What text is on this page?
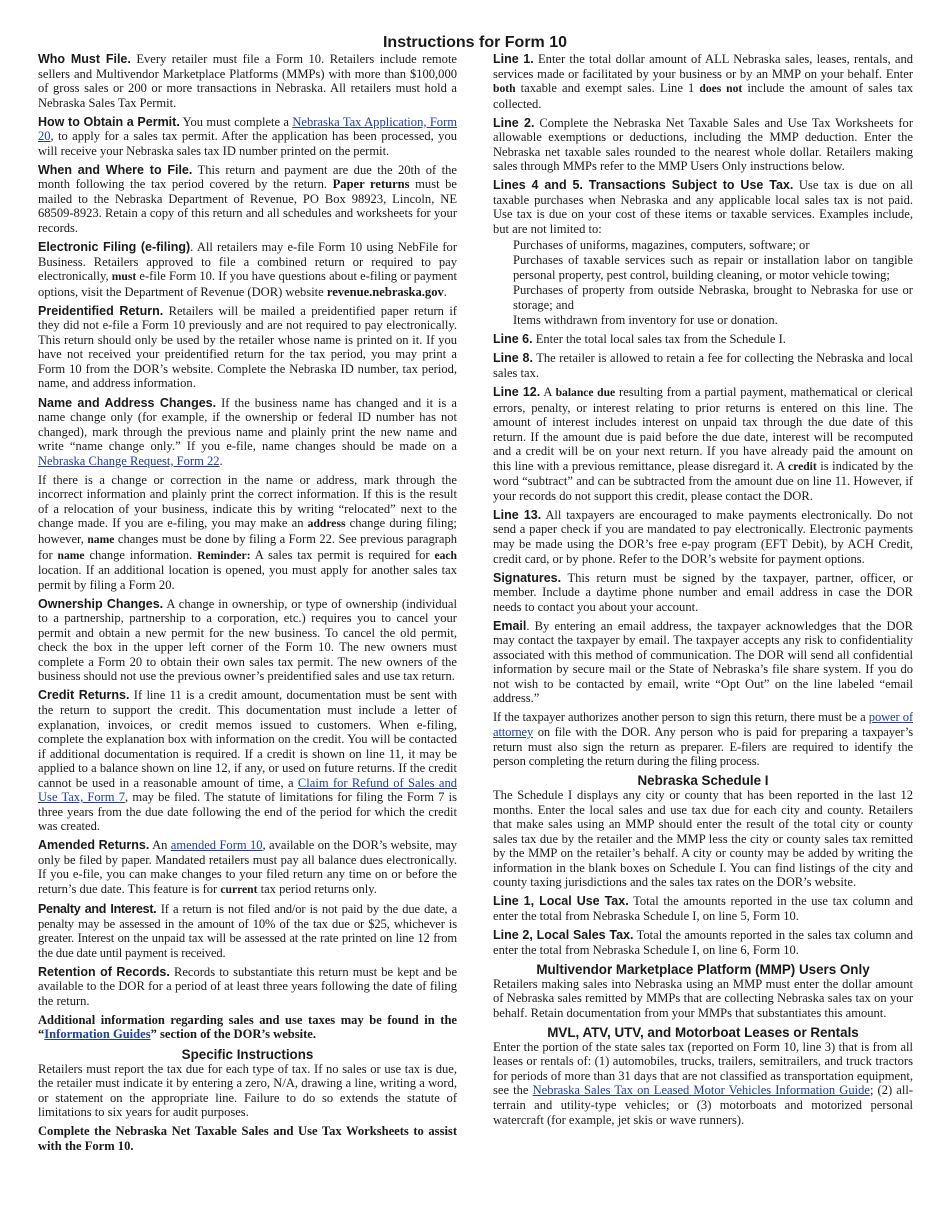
Instructions for Form 10

Who Must File. Every retailer must file a Form 10. Retailers include remote sellers and Multivendor Marketplace Platforms (MMPs) with more than $100,000 of gross sales or 200 or more transactions in Nebraska. All retailers must hold a Nebraska Sales Tax Permit.

How to Obtain a Permit. You must complete a Nebraska Tax Application, Form 20, to apply for a sales tax permit. After the application has been processed, you will receive your Nebraska sales tax ID number printed on the permit.

When and Where to File. This return and payment are due the 20th of the month following the tax period covered by the return. Paper returns must be mailed to the Nebraska Department of Revenue, PO Box 98923, Lincoln, NE 68509-8923. Retain a copy of this return and all schedules and worksheets for your records.

Electronic Filing (e-filing). All retailers may e-file Form 10 using NebFile for Business. Retailers approved to file a combined return or required to pay electronically, must e-file Form 10. If you have questions about e-filing or payment options, visit the Department of Revenue (DOR) website revenue.nebraska.gov.

Preidentified Return. Retailers will be mailed a preidentified paper return if they did not e-file a Form 10 previously and are not required to pay electronically. This return should only be used by the retailer whose name is printed on it. If you have not received your preidentified return for the tax period, you may print a Form 10 from the DOR’s website. Complete the Nebraska ID number, tax period, name, and address information.

Name and Address Changes. If the business name has changed and it is a name change only (for example, if the ownership or federal ID number has not changed), mark through the previous name and plainly print the new name and write “name change only.” If you e-file, name changes should be made on a Nebraska Change Request, Form 22.

If there is a change or correction in the name or address, mark through the incorrect information and plainly print the correct information. If this is the result of a relocation of your business, indicate this by writing “relocated” next to the change made. If you are e-filing, you may make an address change during filing; however, name changes must be done by filing a Form 22. See previous paragraph for name change information. Reminder: A sales tax permit is required for each location. If an additional location is opened, you must apply for another sales tax permit by filing a Form 20.

Ownership Changes. A change in ownership, or type of ownership (individual to a partnership, partnership to a corporation, etc.) requires you to cancel your permit and obtain a new permit for the new business. To cancel the old permit, check the box in the upper left corner of the Form 10. The new owners must complete a Form 20 to obtain their own sales tax permit. The new owners of the business should not use the previous owner’s preidentified sales and use tax return.

Credit Returns. If line 11 is a credit amount, documentation must be sent with the return to support the credit. This documentation must include a letter of explanation, invoices, or credit memos issued to customers. When e-filing, complete the explanation box with information on the credit. You will be contacted if additional documentation is required. If a credit is shown on line 11, it may be applied to a balance shown on line 12, if any, or used on future returns. If the credit cannot be used in a reasonable amount of time, a Claim for Refund of Sales and Use Tax, Form 7, may be filed. The statute of limitations for filing the Form 7 is three years from the due date following the end of the period for which the credit was created.

Amended Returns. An amended Form 10, available on the DOR’s website, may only be filed by paper. Mandated retailers must pay all balance dues electronically. If you e-file, you can make changes to your filed return any time on or before the return’s due date. This feature is for current tax period returns only.

Penalty and Interest. If a return is not filed and/or is not paid by the due date, a penalty may be assessed in the amount of 10% of the tax due or $25, whichever is greater. Interest on the unpaid tax will be assessed at the rate printed on line 12 from the due date until payment is received.

Retention of Records. Records to substantiate this return must be kept and be available to the DOR for a period of at least three years following the date of filing the return.

Additional information regarding sales and use taxes may be found in the “Information Guides” section of the DOR’s website.

Specific Instructions

Retailers must report the tax due for each type of tax. If no sales or use tax is due, the retailer must indicate it by entering a zero, N/A, drawing a line, writing a word, or statement on the appropriate line. Failure to do so extends the statute of limitations to six years for audit purposes.

Complete the Nebraska Net Taxable Sales and Use Tax Worksheets to assist with the Form 10.

Line 1. Enter the total dollar amount of ALL Nebraska sales, leases, rentals, and services made or facilitated by your business or by an MMP on your behalf. Enter both taxable and exempt sales. Line 1 does not include the amount of sales tax collected.

Line 2. Complete the Nebraska Net Taxable Sales and Use Tax Worksheets for allowable exemptions or deductions, including the MMP deduction. Enter the Nebraska net taxable sales rounded to the nearest whole dollar. Retailers making sales through MMPs refer to the MMP Users Only instructions below.

Lines 4 and 5. Transactions Subject to Use Tax. Use tax is due on all taxable purchases when Nebraska and any applicable local sales tax is not paid. Use tax is due on your cost of these items or taxable services. Examples include, but are not limited to:

Purchases of uniforms, magazines, computers, software; or

Purchases of taxable services such as repair or installation labor on tangible personal property, pest control, building cleaning, or motor vehicle towing;

Purchases of property from outside Nebraska, brought to Nebraska for use or storage; and

Items withdrawn from inventory for use or donation.

Line 6. Enter the total local sales tax from the Schedule I.

Line 8. The retailer is allowed to retain a fee for collecting the Nebraska and local sales tax.

Line 12. A balance due resulting from a partial payment, mathematical or clerical errors, penalty, or interest relating to prior returns is entered on this line. The amount of interest includes interest on unpaid tax through the due date of this return. If the amount due is paid before the due date, interest will be recomputed and a credit will be on your next return. If you have already paid the amount on this line with a previous remittance, please disregard it. A credit is indicated by the word “subtract” and can be subtracted from the amount due on line 11. However, if your records do not support this credit, please contact the DOR.

Line 13. All taxpayers are encouraged to make payments electronically. Do not send a paper check if you are mandated to pay electronically. Electronic payments may be made using the DOR’s free e-pay program (EFT Debit), by ACH Credit, credit card, or by phone. Refer to the DOR’s website for payment options.

Signatures. This return must be signed by the taxpayer, partner, officer, or member. Include a daytime phone number and email address in case the DOR needs to contact you about your account.

Email. By entering an email address, the taxpayer acknowledges that the DOR may contact the taxpayer by email. The taxpayer accepts any risk to confidentiality associated with this method of communication. The DOR will send all confidential information by secure mail or the State of Nebraska’s file share system. If you do not wish to be contacted by email, write “Opt Out” on the line labeled “email address.”

If the taxpayer authorizes another person to sign this return, there must be a power of attorney on file with the DOR. Any person who is paid for preparing a taxpayer’s return must also sign the return as preparer. E-filers are required to identify the person completing the return during the filing process.

Nebraska Schedule I

The Schedule I displays any city or county that has been reported in the last 12 months. Enter the local sales and use tax due for each city and county. Retailers that make sales using an MMP should enter the result of the total city or county sales tax due by the retailer and the MMP less the city or county sales tax remitted by the MMP on the retailer’s behalf. A city or county may be added by writing the information in the blank boxes on Schedule I. You can find listings of the city and county taxing jurisdictions and the sales tax rates on the DOR’s website.

Line 1, Local Use Tax. Total the amounts reported in the use tax column and enter the total from Nebraska Schedule I, on line 5, Form 10.

Line 2, Local Sales Tax. Total the amounts reported in the sales tax column and enter the total from Nebraska Schedule I, on line 6, Form 10.

Multivendor Marketplace Platform (MMP) Users Only

Retailers making sales into Nebraska using an MMP must enter the dollar amount of Nebraska sales remitted by MMPs that are collecting Nebraska sales tax on your behalf. Retain documentation from your MMPs that substantiates this amount.

MVL, ATV, UTV, and Motorboat Leases or Rentals

Enter the portion of the state sales tax (reported on Form 10, line 3) that is from all leases or rentals of: (1) automobiles, trucks, trailers, semitrailers, and truck tractors for periods of more than 31 days that are not classified as transportation equipment, see the Nebraska Sales Tax on Leased Motor Vehicles Information Guide; (2) all-terrain and utility-type vehicles; or (3) motorboats and motorized personal watercraft (for example, jet skis or wave runners).
